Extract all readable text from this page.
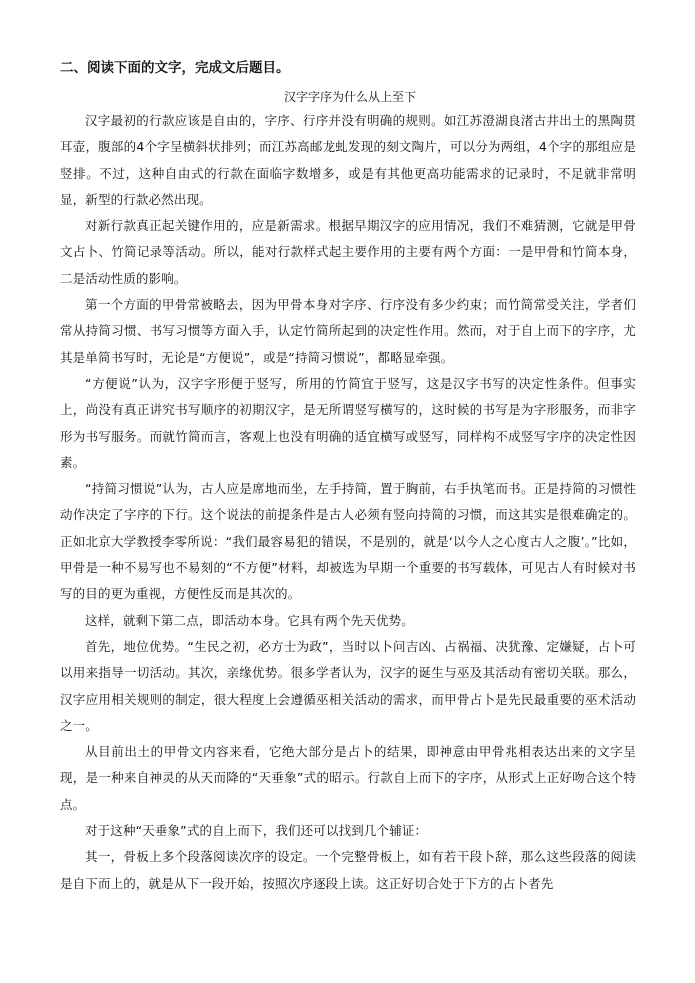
二、阅读下面的文字，完成文后题目。

汉字字序为什么从上至下

汉字最初的行款应该是自由的，字序、行序并没有明确的规则。如江苏澄湖良渚古井出土的黑陶贯耳壶，腹部的4个字呈横斜状排列；而江苏高邮龙虬发现的刻文陶片，可以分为两组，4个字的那组应是竖排。不过，这种自由式的行款在面临字数增多，或是有其他更高功能需求的记录时，不足就非常明显，新型的行款必然出现。

对新行款真正起关键作用的，应是新需求。根据早期汉字的应用情况，我们不难猜测，它就是甲骨文占卜、竹简记录等活动。所以，能对行款样式起主要作用的主要有两个方面：一是甲骨和竹简本身，二是活动性质的影响。

第一个方面的甲骨常被略去，因为甲骨本身对字序、行序没有多少约束；而竹简常受关注，学者们常从持简习惯、书写习惯等方面入手，认定竹简所起到的决定性作用。然而，对于自上而下的字序，尤其是单简书写时，无论是“方便说”，或是“持简习惯说”，都略显牵强。

“方便说”认为，汉字字形便于竖写，所用的竹简宜于竖写，这是汉字书写的决定性条件。但事实上，尚没有真正讲究书写顺序的初期汉字，是无所谓竖写横写的，这时候的书写是为字形服务，而非字形为书写服务。而就竹简而言，客观上也没有明确的适宜横写或竖写，同样构不成竖写字序的决定性因素。

“持简习惯说”认为，古人应是席地而坐，左手持简，置于胸前，右手执笔而书。正是持简的习惯性动作决定了字序的下行。这个说法的前提条件是古人必须有竖向持简的习惯，而这其实是很难确定的。正如北京大学教授李零所说：“我们最容易犯的错误，不是别的，就是‘以今人之心度古人之腹’。”比如，甲骨是一种不易写也不易刻的“不方便”材料，却被选为早期一个重要的书写载体，可见古人有时候对书写的目的更为重视，方便性反而是其次的。

这样，就剩下第二点，即活动本身。它具有两个先天优势。

首先，地位优势。“生民之初，必方士为政”，当时以卜问吉凶、占祸福、决犹豫、定嫌疑，占卜可以用来指导一切活动。其次，亲缘优势。很多学者认为，汉字的诞生与巫及其活动有密切关联。那么，汉字应用相关规则的制定，很大程度上会遵循巫相关活动的需求，而甲骨占卜是先民最重要的巫术活动之一。

从目前出土的甲骨文内容来看，它绝大部分是占卜的结果，即神意由甲骨兆相表达出来的文字呈现，是一种来自神灵的从天而降的“天垂象”式的昭示。行款自上而下的字序，从形式上正好吻合这个特点。

对于这种“天垂象”式的自上而下，我们还可以找到几个辅证：

其一，骨板上多个段落阅读次序的设定。一个完整骨板上，如有若干段卜辞，那么这些段落的阅读是自下而上的，就是从下一段开始，按照次序逐段上读。这正好切合处于下方的占卜者先
